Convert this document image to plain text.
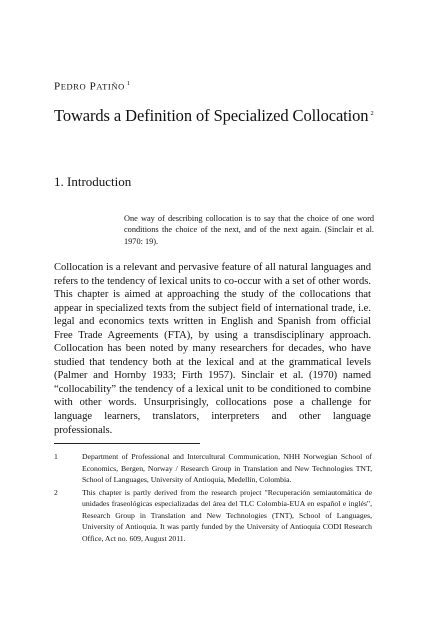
PEDRO PATIÑO $^1$
Towards a Definition of Specialized Collocation $^2$
1. Introduction
One way of describing collocation is to say that the choice of one word conditions the choice of the next, and of the next again. (Sinclair et al. 1970: 19).
Collocation is a relevant and pervasive feature of all natural languages and refers to the tendency of lexical units to co-occur with a set of other words. This chapter is aimed at approaching the study of the collocations that appear in specialized texts from the subject field of international trade, i.e. legal and economics texts written in English and Spanish from official Free Trade Agreements (FTA), by using a transdisciplinary approach. Collocation has been noted by many researchers for decades, who have studied that tendency both at the lexical and at the grammatical levels (Palmer and Hornby 1933; Firth 1957). Sinclair et al. (1970) named “collocability” the tendency of a lexical unit to be conditioned to combine with other words. Unsurprisingly, collocations pose a challenge for language learners, translators, interpreters and other language professionals.
1	Department of Professional and Intercultural Communication, NHH Norwegian School of Economics, Bergen, Norway / Research Group in Translation and New Technologies TNT, School of Languages, University of Antioquia, Medellín, Colombia.
2	This chapter is partly derived from the research project "Recuperación semiautomática de unidades fraseológicas especializadas del área del TLC Colombia-EUA en español e inglés", Research Group in Translation and New Technologies (TNT), School of Languages, University of Antioquia. It was partly funded by the University of Antioquia CODI Research Office, Act no. 609, August 2011.
